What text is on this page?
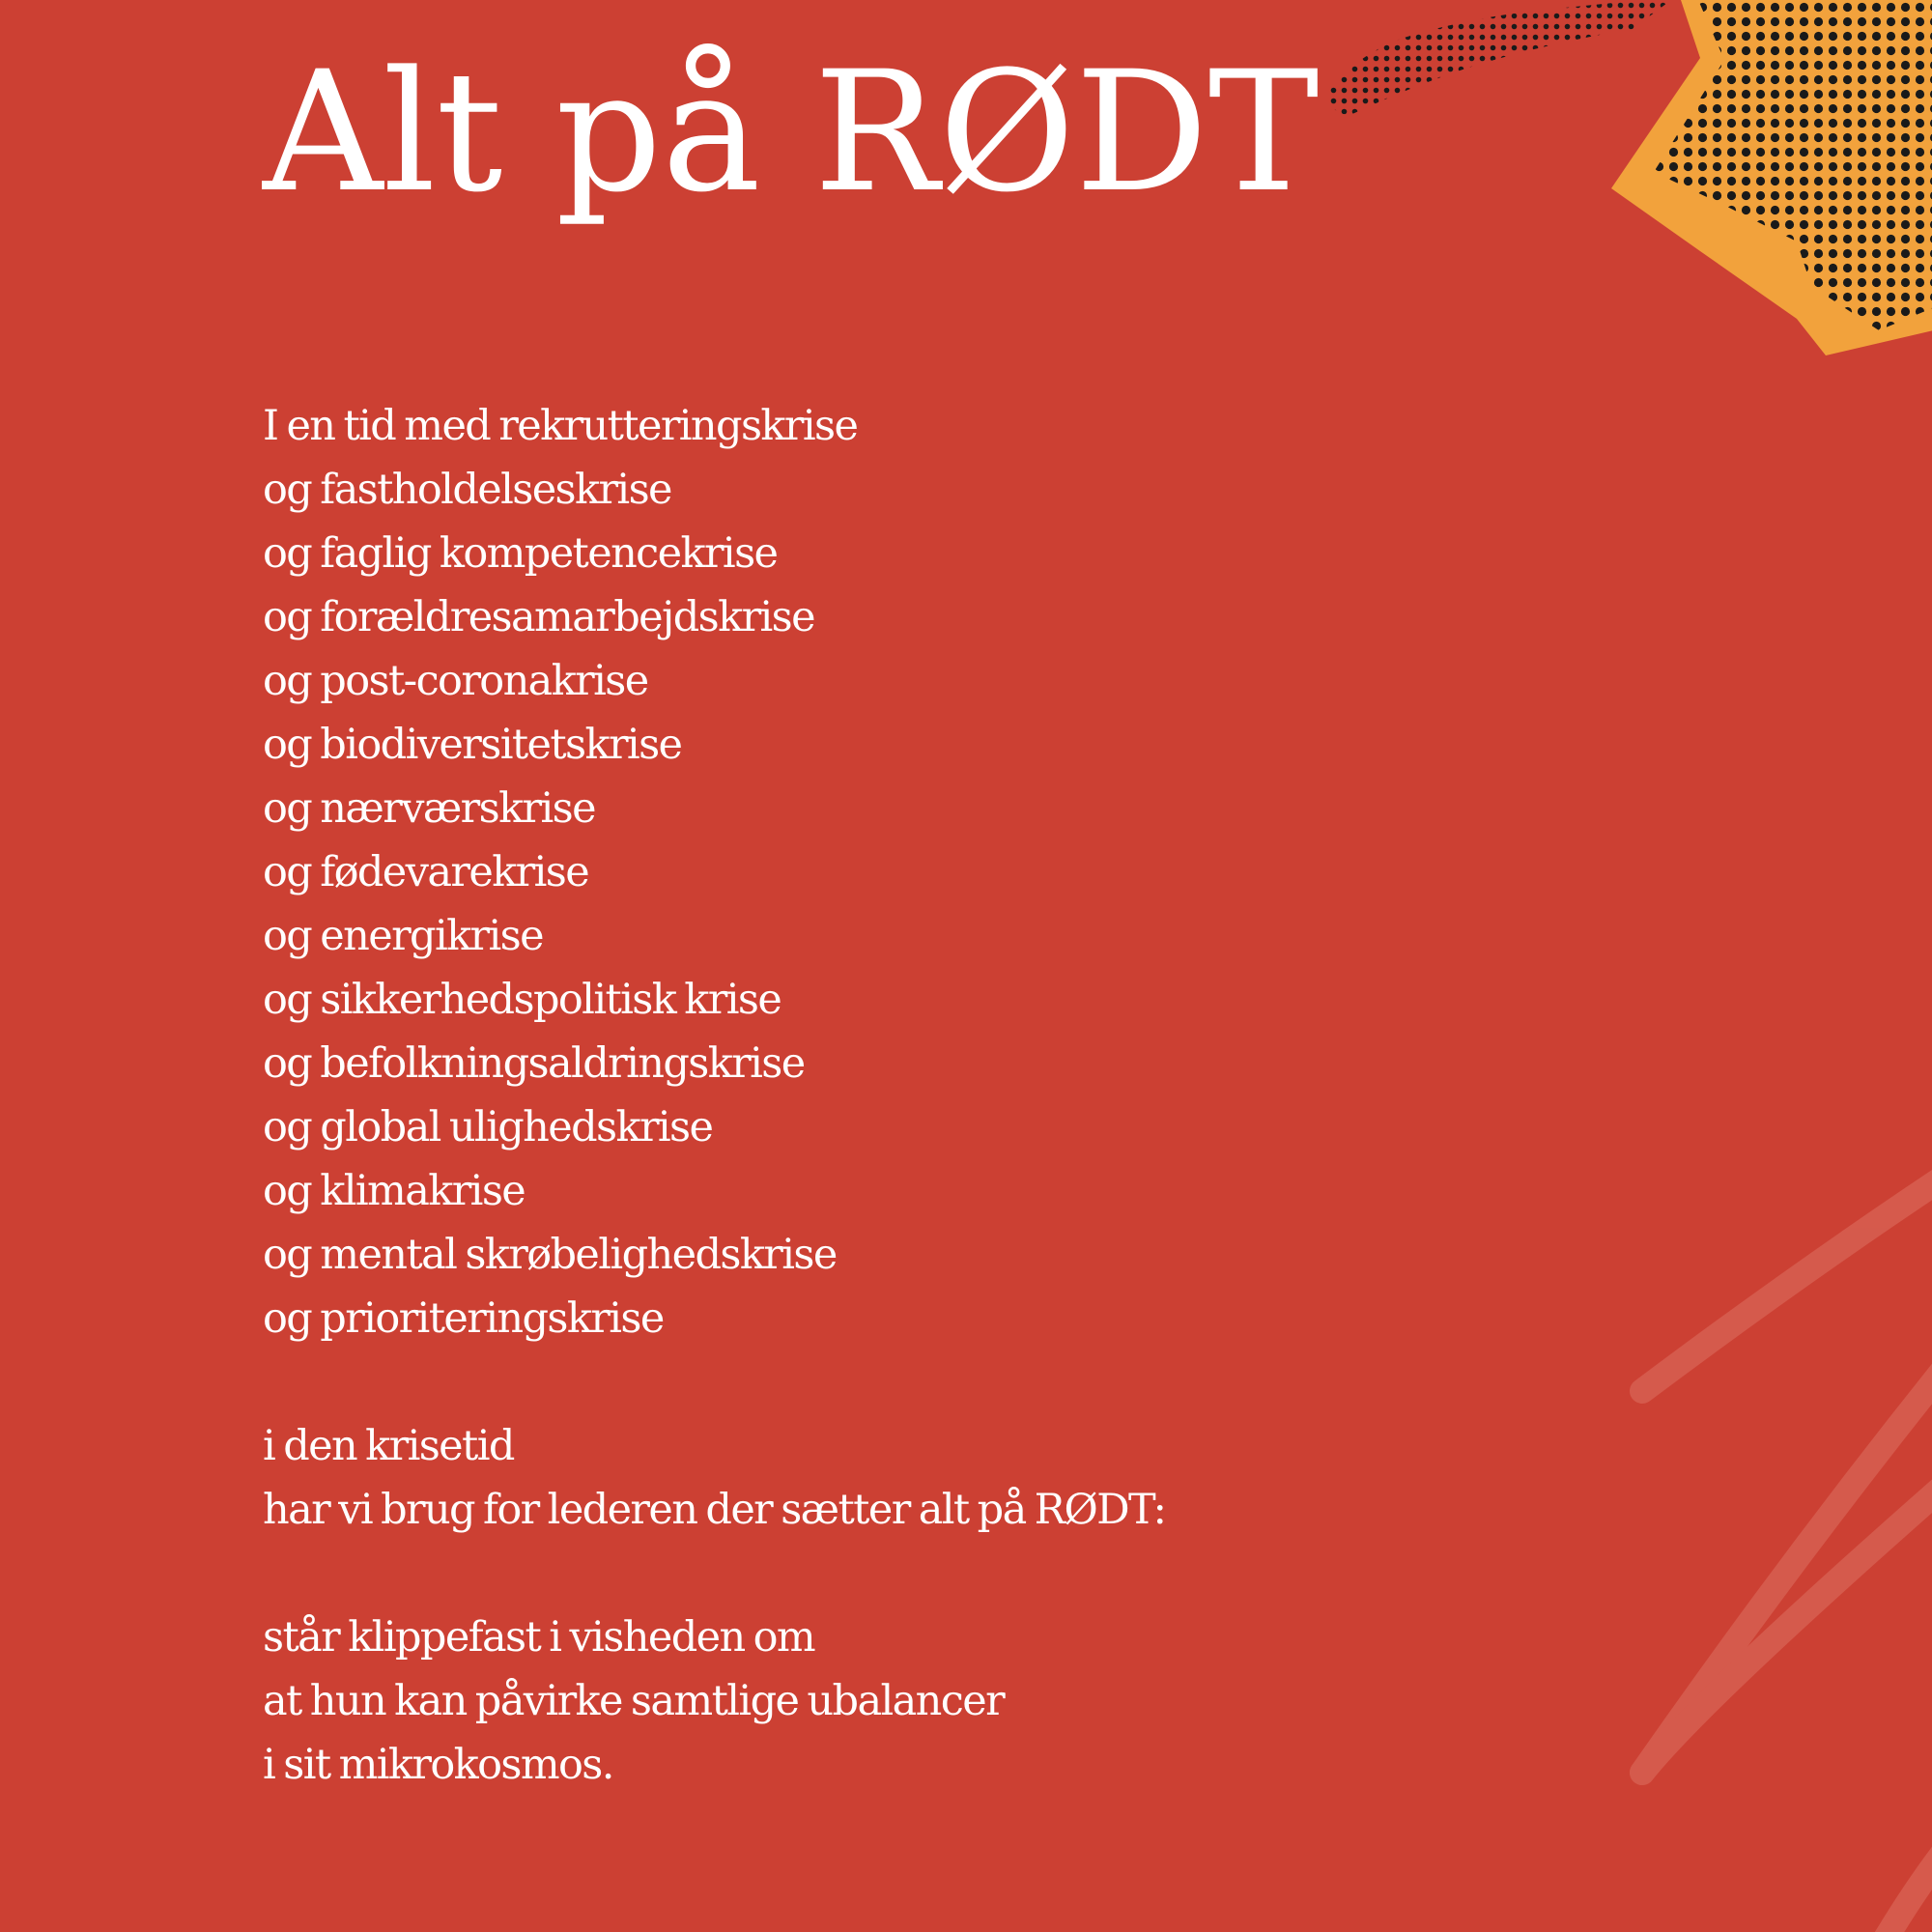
Alt på RØDT
I en tid med rekrutteringskrise
og fastholdelseskrise
og faglig kompetencekrise
og forældresamarbejdskrise
og post-coronakrise
og biodiversitetskrise
og nærværskrise
og fødevarekrise
og energikrise
og sikkerhedspolitisk krise
og befolkningsaldringskrise
og global ulighedskrise
og klimakrise
og mental skrøbelighedskrise
og prioriteringskrise
i den krisetid
har vi brug for lederen der sætter alt på RØDT:
står klippefast i visheden om
at hun kan påvirke samtlige ubalancer
i sit mikrokosmos.
